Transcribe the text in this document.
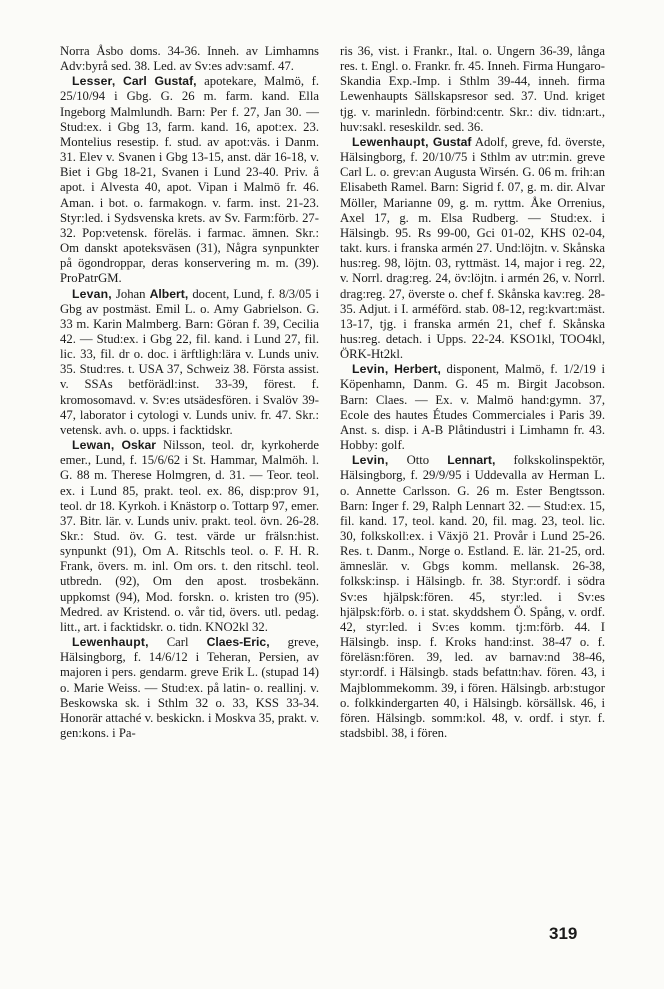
Norra Åsbo doms. 34-36. Inneh. av Limhamns Adv:byrå sed. 38. Led. av Sv:es adv:samf. 47.

Lesser, Carl Gustaf, apotekare, Malmö, f. 25/10/94 i Gbg. G. 26 m. farm. kand. Ella Ingeborg Malmlundh. Barn: Per f. 27, Jan 30. — Stud:ex. i Gbg 13, farm. kand. 16, apot:ex. 23. Montelius resestip. f. stud. av apot:väs. i Danm. 31. Elev v. Svanen i Gbg 13-15, anst. där 16-18, v. Biet i Gbg 18-21, Svanen i Lund 23-40. Priv. å apot. i Alvesta 40, apot. Vipan i Malmö fr. 46. Aman. i bot. o. farmakogn. v. farm. inst. 21-23. Styr:led. i Sydsvenska krets. av Sv. Farm:förb. 27-32. Pop:vetensk. föreläs. i farmac. ämnen. Skr.: Om danskt apoteksväsen (31), Några synpunkter på ögondroppar, deras konservering m. m. (39). ProPatrGM.

Levan, Johan Albert, docent, Lund, f. 8/3/05 i Gbg av postmäst. Emil L. o. Amy Gabrielson. G. 33 m. Karin Malmberg. Barn: Göran f. 39, Cecilia 42. — Stud:ex. i Gbg 22, fil. kand. i Lund 27, fil. lic. 33, fil. dr o. doc. i ärftligh:lära v. Lunds univ. 35. Stud:res. t. USA 37, Schweiz 38. Första assist. v. SSAs betförädl:inst. 33-39, förest. f. kromosomavd. v. Sv:es utsädesfören. i Svalöv 39-47, laborator i cytologi v. Lunds univ. fr. 47. Skr.: vetensk. avh. o. upps. i facktidskr.

Lewan, Oskar Nilsson, teol. dr, kyrkoherde emer., Lund, f. 15/6/62 i St. Hammar, Malmöh. l. G. 88 m. Therese Holmgren, d. 31. — Teor. teol. ex. i Lund 85, prakt. teol. ex. 86, disp:prov 91, teol. dr 18. Kyrkoh. i Knästorp o. Tottarp 97, emer. 37. Bitr. lär. v. Lunds univ. prakt. teol. övn. 26-28. Skr.: Stud. öv. G. test. värde ur frälsn:hist. synpunkt (91), Om A. Ritschls teol. o. F. H. R. Frank, övers. m. inl. Om ors. t. den ritschl. teol. utbredn. (92), Om den apost. trosbekänn. uppkomst (94), Mod. forskn. o. kristen tro (95). Medred. av Kristend. o. vår tid, övers. utl. pedag. litt., art. i facktidskr. o. tidn. KNO2kl 32.

Lewenhaupt, Carl Claes-Eric, greve, Hälsingborg, f. 14/6/12 i Teheran, Persien, av majoren i pers. gendarm. greve Erik L. (stupad 14) o. Marie Weiss. — Stud:ex. på latin- o. reallinj. v. Beskowska sk. i Sthlm 32 o. 33, KSS 33-34. Honorär attaché v. beskickn. i Moskva 35, prakt. v. gen:kons. i Pa-

ris 36, vist. i Frankr., Ital. o. Ungern 36-39, långa res. t. Engl. o. Frankr. fr. 45. Inneh. Firma Hungaro-Skandia Exp.-Imp. i Sthlm 39-44, inneh. firma Lewenhaupts Sällskapsresor sed. 37. Und. kriget tjg. v. marinledn. förbind:centr. Skr.: div. tidn:art., huv:sakl. reseskildr. sed. 36.

Lewenhaupt, Gustaf Adolf, greve, fd. överste, Hälsingborg, f. 20/10/75 i Sthlm av utr:min. greve Carl L. o. grev:an Augusta Wirsén. G. 06 m. frih:an Elisabeth Ramel. Barn: Sigrid f. 07, g. m. dir. Alvar Möller, Marianne 09, g. m. ryttm. Åke Orrenius, Axel 17, g. m. Elsa Rudberg. — Stud:ex. i Hälsingb. 95. Rs 99-00, Gci 01-02, KHS 02-04, takt. kurs. i franska armén 27. Und:löjtn. v. Skånska hus:reg. 98, löjtn. 03, ryttmäst. 14, major i reg. 22, v. Norrl. drag:reg. 24, öv:löjtn. i armén 26, v. Norrl. drag:reg. 27, överste o. chef f. Skånska kav:reg. 28-35. Adjut. i I. arméförd. stab. 08-12, reg:kvart:mäst. 13-17, tjg. i franska armén 21, chef f. Skånska hus:reg. detach. i Upps. 22-24. KSO1kl, TOO4kl, ÖRK-Ht2kl.

Levin, Herbert, disponent, Malmö, f. 1/2/19 i Köpenhamn, Danm. G. 45 m. Birgit Jacobson. Barn: Claes. — Ex. v. Malmö hand:gymn. 37, Ecole des hautes Études Commerciales i Paris 39. Anst. s. disp. i A-B Plåtindustri i Limhamn fr. 43. Hobby: golf.

Levin, Otto Lennart, folkskolinspektör, Hälsingborg, f. 29/9/95 i Uddevalla av Herman L. o. Annette Carlsson. G. 26 m. Ester Bengtsson. Barn: Inger f. 29, Ralph Lennart 32. — Stud:ex. 15, fil. kand. 17, teol. kand. 20, fil. mag. 23, teol. lic. 30, folkskoll:ex. i Växjö 21. Provår i Lund 25-26. Res. t. Danm., Norge o. Estland. E. lär. 21-25, ord. ämneslär. v. Gbgs komm. mellansk. 26-38, folksk:insp. i Hälsingb. fr. 38. Styr:ordf. i södra Sv:es hjälpsk:fören. 45, styr:led. i Sv:es hjälpsk:förb. o. i stat. skyddshem Ö. Spång, v. ordf. 42, styr:led. i Sv:es komm. tj:m:förb. 44. I Hälsingb. insp. f. Kroks hand:inst. 38-47 o. f. föreläsn:fören. 39, led. av barnav:nd 38-46, styr:ordf. i Hälsingb. stads befattn:hav. fören. 43, i Majblommekomm. 39, i fören. Hälsingb. arb:stugor o. folkkindergarten 40, i Hälsingb. körsällsk. 46, i fören. Hälsingb. somm:kol. 48, v. ordf. i styr. f. stadsbibl. 38, i fören.

319
